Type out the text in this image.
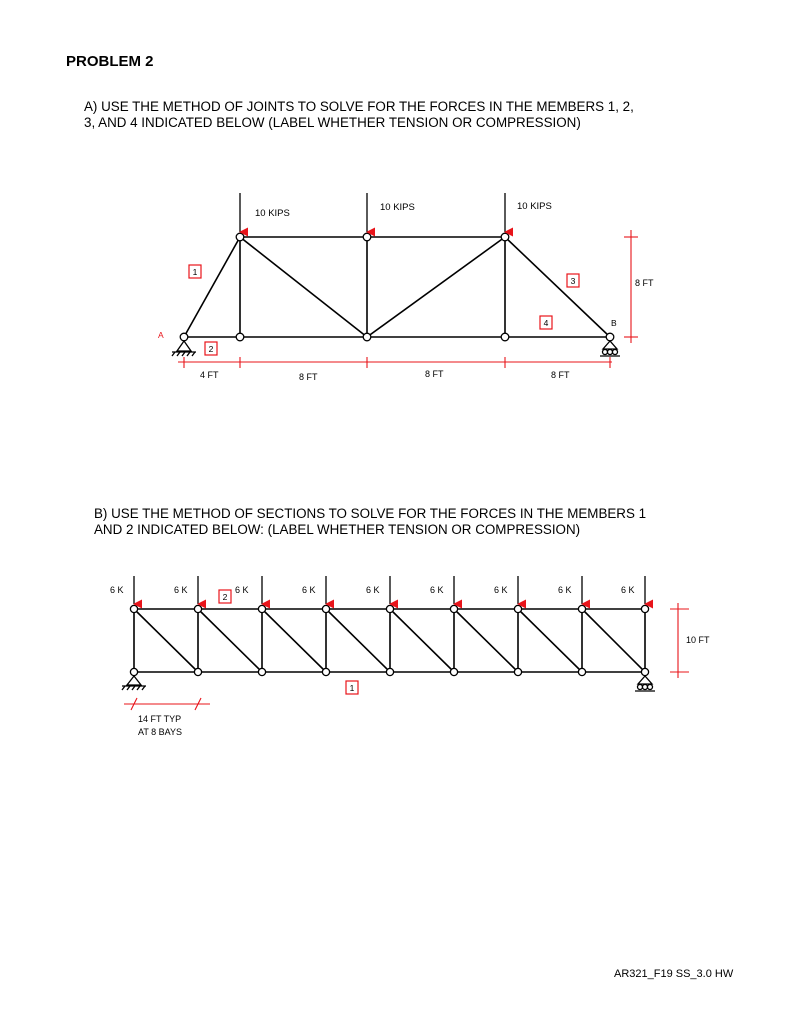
PROBLEM 2

A) USE THE METHOD OF JOINTS TO SOLVE FOR THE FORCES IN THE MEMBERS 1, 2, 3, AND 4 INDICATED BELOW (LABEL WHETHER TENSION OR COMPRESSION)

B) USE THE METHOD OF SECTIONS TO SOLVE FOR THE FORCES IN THE MEMBERS 1 AND 2 INDICATED BELOW: (LABEL WHETHER TENSION OR COMPRESSION)

AR321_F19 SS_3.0 HW

10 KIPS
10 KIPS	10 KIPS
A
B
1
2
3
4
4 FT	8 FT	8 FT	8 FT
8 FT
6 K	6 K	6 K	6 K	6 K	6 K	6 K	6 K	6 K
2
1
14 FT TYP
AT 8 BAYS
10 FT
